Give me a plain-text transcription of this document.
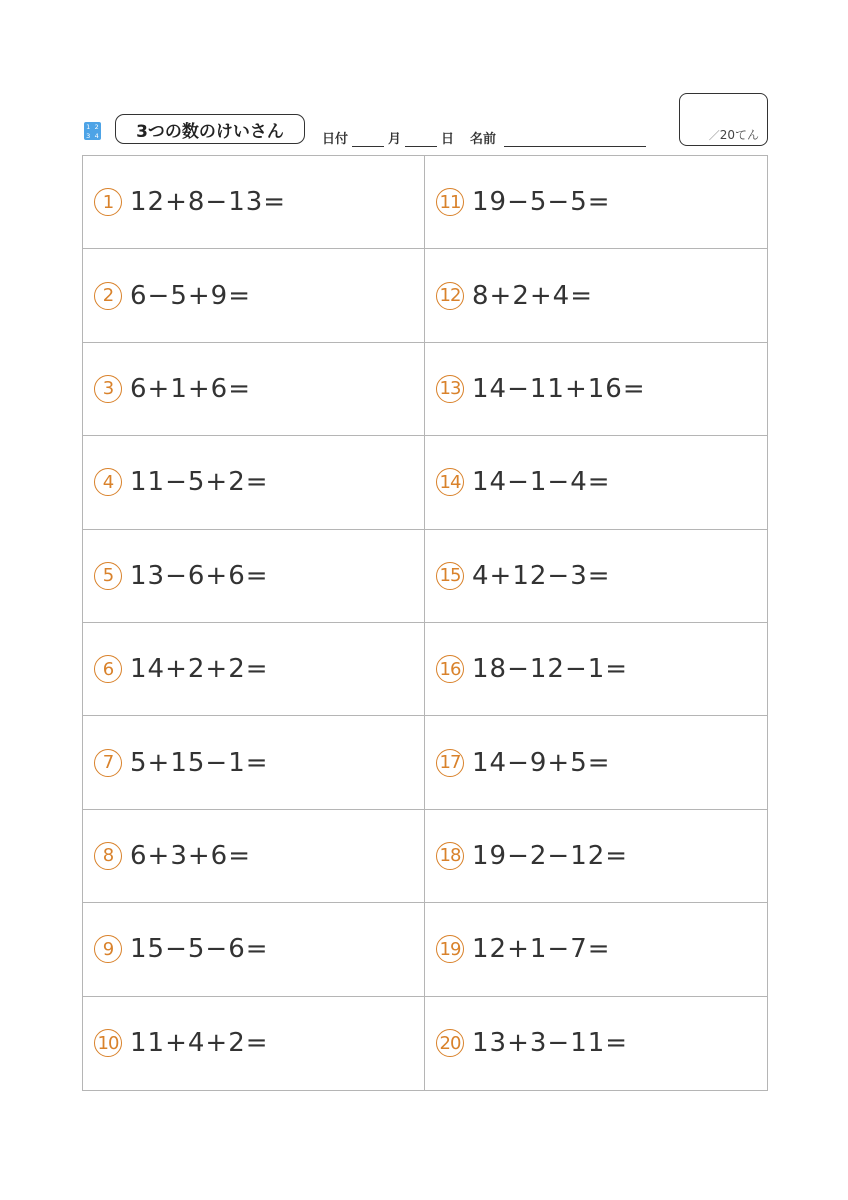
1 2
3 4 3つの数のけいさん	日付	月	日 名前	／20てん
1 12+8−13=	11 19−5−5=
2 6−5+9=	12 8+2+4=
3 6+1+6=	13 14−11+16=
4 11−5+2=	14 14−1−4=
5 13−6+6=	15 4+12−3=
6 14+2+2=	16 18−12−1=
7 5+15−1=	17 14−9+5=
8 6+3+6=	18 19−2−12=
9 15−5−6=	19 12+1−7=
10 11+4+2=	20 13+3−11=
